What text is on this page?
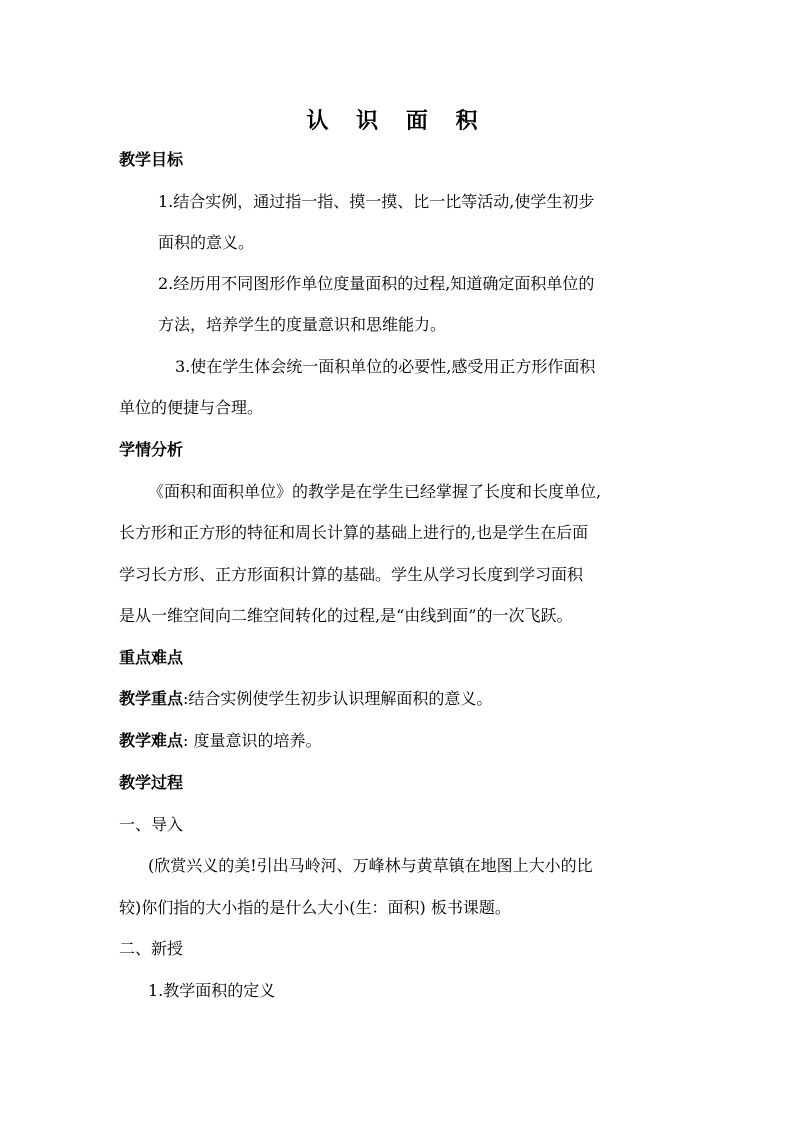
认 识 面 积
教学目标
1.结合实例，通过指一指、摸一摸、比一比等活动,使学生初步
面积的意义。
2.经历用不同图形作单位度量面积的过程,知道确定面积单位的
方法，培养学生的度量意识和思维能力。
3.使在学生体会统一面积单位的必要性,感受用正方形作面积
单位的便捷与合理。
学情分析
《面积和面积单位》的教学是在学生已经掌握了长度和长度单位,
长方形和正方形的特征和周长计算的基础上进行的,也是学生在后面
学习长方形、正方形面积计算的基础。学生从学习长度到学习面积
是从一维空间向二维空间转化的过程,是“由线到面”的一次飞跃。
重点难点
教学重点:结合实例使学生初步认识理解面积的意义。
教学难点: 度量意识的培养。
教学过程
一、导入
(欣赏兴义的美!引出马岭河、万峰林与黄草镇在地图上大小的比
较)你们指的大小指的是什么大小(生：面积) 板书课题。
二、新授
1.教学面积的定义
